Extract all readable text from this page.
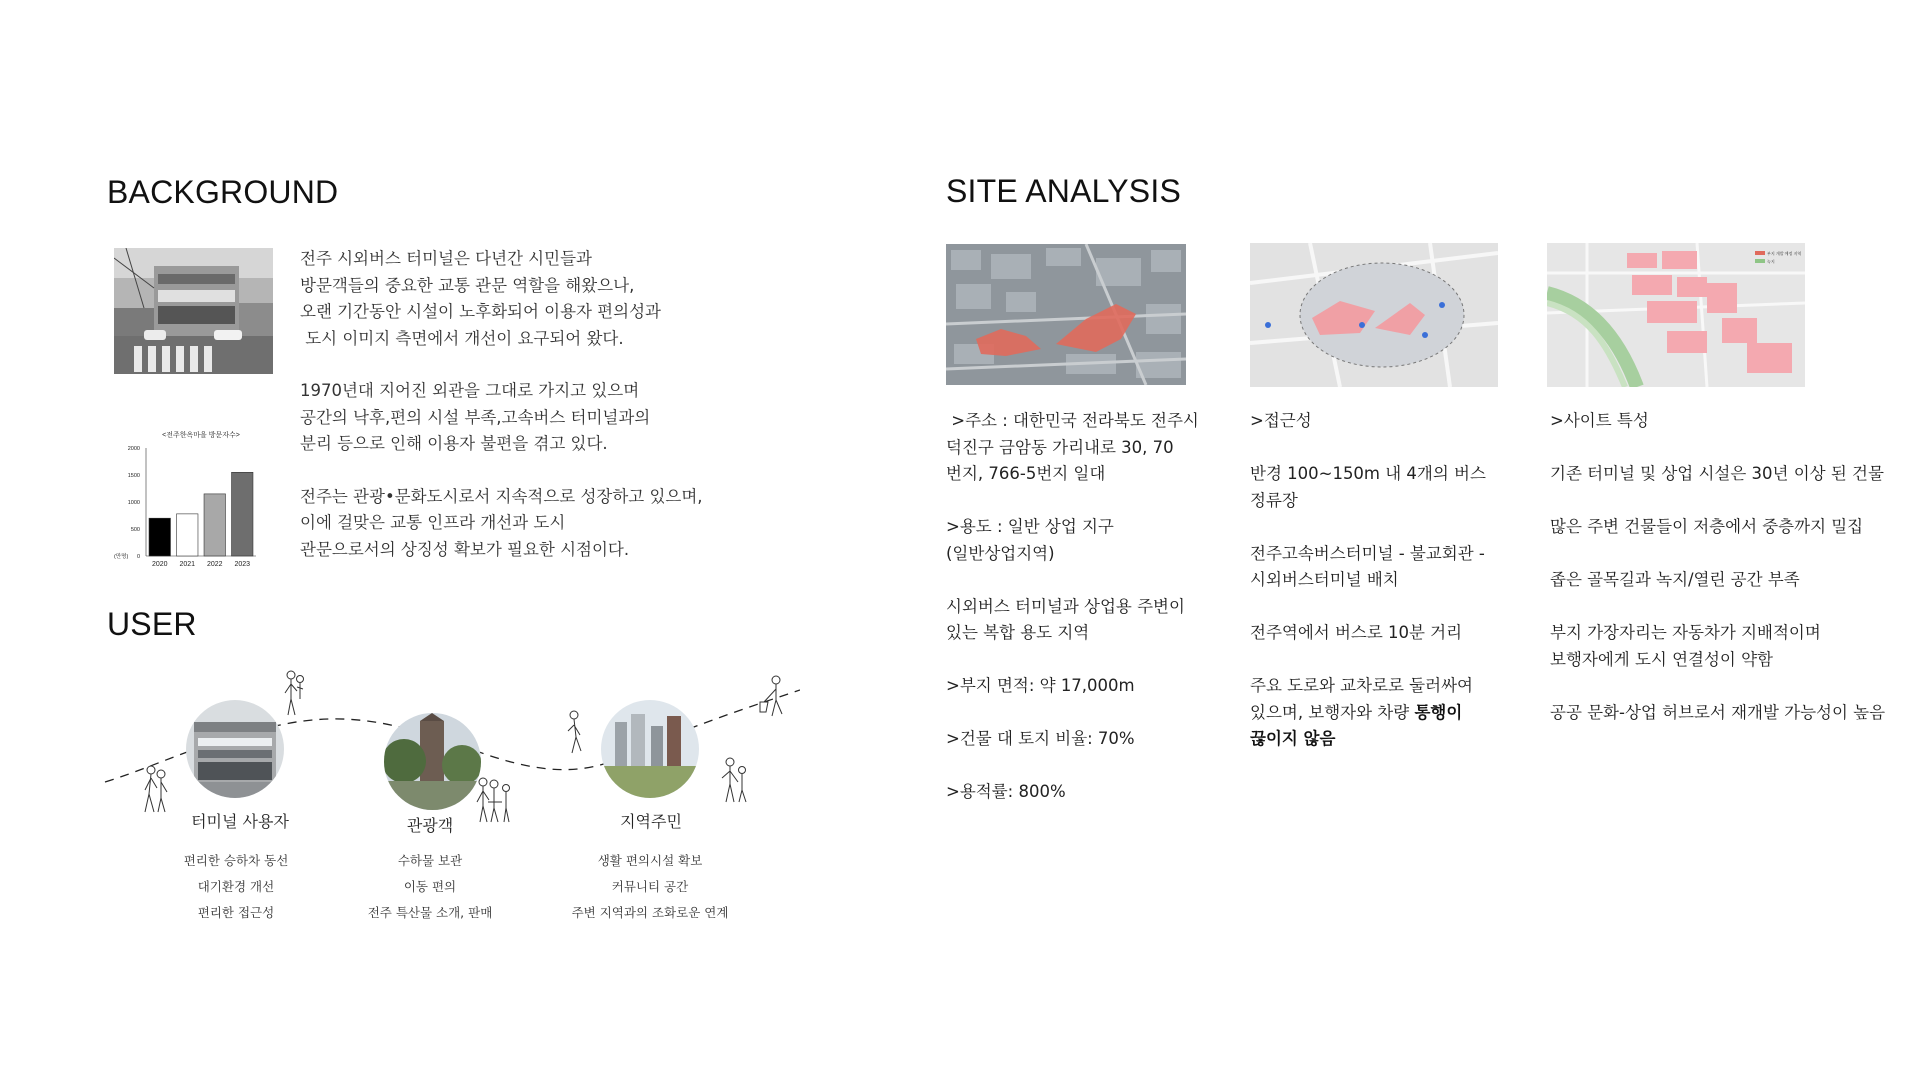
BACKGROUND
<전주한옥마을 방문자수>
0
500
1000
1500
2000
(만명)
2020 2021 2022 2023

전주 시외버스 터미널은 다년간 시민들과

방문객들의 중요한 교통 관문 역할을 해왔으나,

오랜 기간동안 시설이 노후화되어 이용자 편의성과

도시 이미지 측면에서 개선이 요구되어 왔다.

1970년대 지어진 외관을 그대로 가지고 있으며

공간의 낙후,편의 시설 부족,고속버스 터미널과의

분리 등으로 인해 이용자 불편을 겪고 있다.

전주는 관광•문화도시로서 지속적으로 성장하고 있으며,

이에 걸맞은 교통 인프라 개선과 도시

관문으로서의 상징성 확보가 필요한 시점이다.

USER
터미널 사용자	관광객	지역주민

편리한 승하차 동선

대기환경 개선

편리한 접근성

수하물 보관

이동 편의

전주 특산물 소개, 판매

생활 편의시설 확보

커뮤니티 공간

주변 지역과의 조화로운 연계

SITE ANALYSIS
부지 개발 예정 지역
녹지

>주소 : 대한민국 전라북도 전주시

덕진구 금암동 가리내로 30, 70

번지, 766-5번지 일대

>용도 : 일반 상업 지구

(일반상업지역)

시외버스 터미널과 상업용 주변이

있는 복합 용도 지역

>부지 면적: 약 17,000m

>건물 대 토지 비율: 70%

>용적률: 800%

>접근성

반경 100~150m 내 4개의 버스

정류장

전주고속버스터미널 - 불교회관 -

시외버스터미널 배치

전주역에서 버스로 10분 거리

주요 도로와 교차로로 둘러싸여

있으며, 보행자와 차량 통행이

끊이지 않음

>사이트 특성

기존 터미널 및 상업 시설은 30년 이상 된 건물

많은 주변 건물들이 저층에서 중층까지 밀집

좁은 골목길과 녹지/열린 공간 부족

부지 가장자리는 자동차가 지배적이며

보행자에게 도시 연결성이 약함

공공 문화-상업 허브로서 재개발 가능성이 높음
